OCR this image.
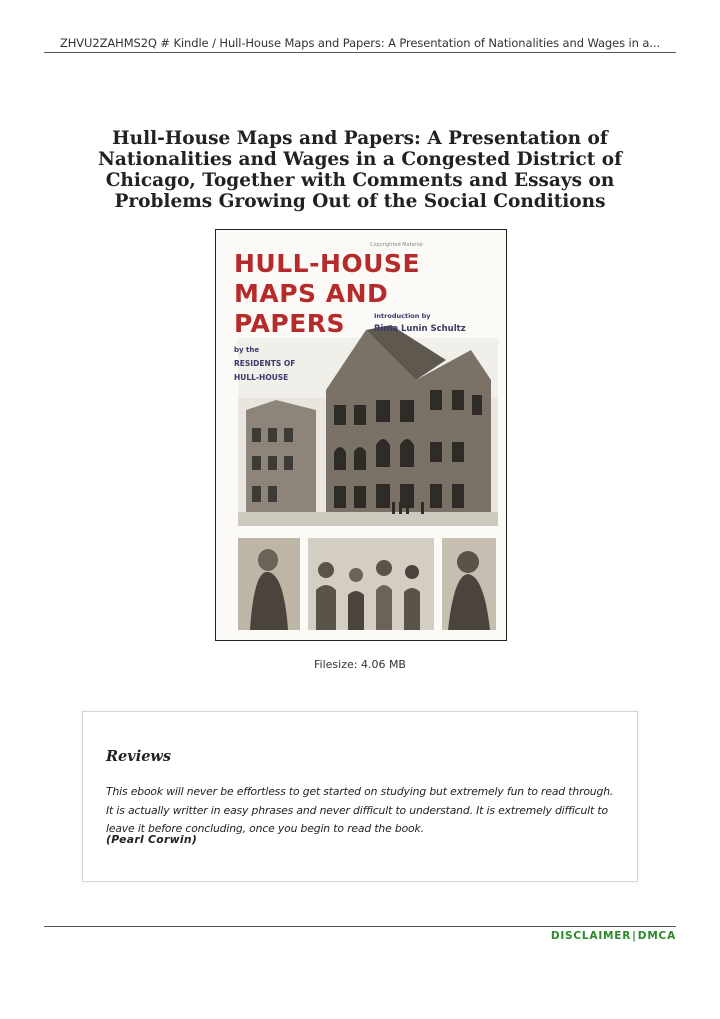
ZHVU2ZAHMS2Q # Kindle / Hull-House Maps and Papers: A Presentation of Nationalities and Wages in a...
Hull-House Maps and Papers: A Presentation of Nationalities and Wages in a Congested District of Chicago, Together with Comments and Essays on Problems Growing Out of the Social Conditions
Copyrighted Material
HULL-HOUSE
MAPS AND
PAPERS	Introduction by
Rima Lunin Schultz
by the
RESIDENTS OF
HULL-HOUSE
Filesize: 4.06 MB
Reviews

This ebook will never be effortless to get started on studying but extremely fun to read through. It is actually writter in easy phrases and never difficult to understand. It is extremely difficult to leave it before concluding, once you begin to read the book.

(Pearl Corwin)

DISCLAIMER|DMCA
